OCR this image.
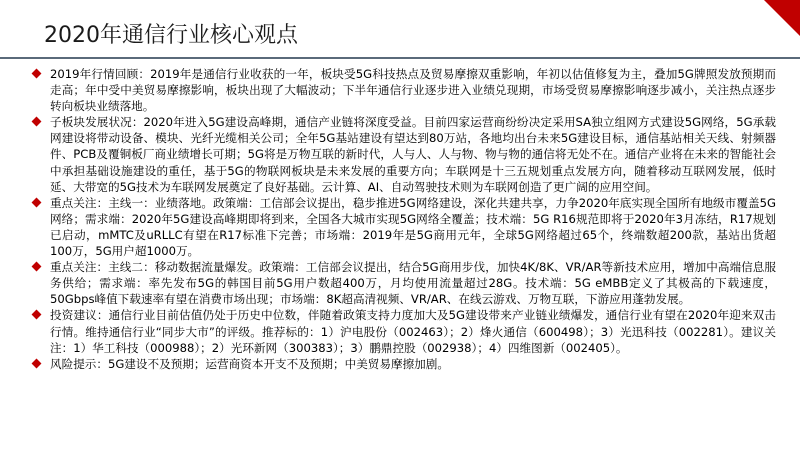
2020年通信行业核心观点
2019年行情回顾：2019年是通信行业收获的一年，板块受5G科技热点及贸易摩擦双重影响，年初以估值修复为主，叠加5G牌照发放预期而走高；年中受中美贸易摩擦影响，板块出现了大幅波动；下半年通信行业逐步进入业绩兑现期，市场受贸易摩擦影响逐步减小，关注热点逐步转向板块业绩落地。
子板块发展状况：2020年进入5G建设高峰期，通信产业链将深度受益。目前四家运营商纷纷决定采用SA独立组网方式建设5G网络，5G承载网建设将带动设备、模块、光纤光缆相关公司；全年5G基站建设有望达到80万站，各地均出台未来5G建设目标，通信基站相关天线、射频器件、PCB及覆铜板厂商业绩增长可期；5G将是万物互联的新时代，人与人、人与物、物与物的通信将无处不在。通信产业将在未来的智能社会中承担基础设施建设的重任，基于5G的物联网板块是未来发展的重要方向；车联网是十三五规划重点发展方向，随着移动互联网发展，低时延、大带宽的5G技术为车联网发展奠定了良好基础。云计算、AI、自动驾驶技术则为车联网创造了更广阔的应用空间。
重点关注：主线一：业绩落地。政策端：工信部会议提出，稳步推进5G网络建设，深化共建共享，力争2020年底实现全国所有地级市覆盖5G网络；需求端：2020年5G建设高峰期即将到来，全国各大城市实现5G网络全覆盖；技术端：5G R16规范即将于2020年3月冻结，R17规划已启动，mMTC及uRLLC有望在R17标准下完善；市场端：2019年是5G商用元年，全球5G网络超过65个，终端数超200款，基站出货超100万，5G用户超1000万。
重点关注：主线二：移动数据流量爆发。政策端：工信部会议提出，结合5G商用步伐，加快4K/8K、VR/AR等新技术应用，增加中高端信息服务供给；需求端：率先发布5G的韩国目前5G用户数超400万，月均使用流量超过28G。技术端：5G eMBB定义了其极高的下载速度，50Gbps峰值下载速率有望在消费市场出现；市场端：8K超高清视频、VR/AR、在线云游戏、万物互联，下游应用蓬勃发展。
投资建议：通信行业目前估值仍处于历史中位数，伴随着政策支持力度加大及5G建设带来产业链业绩爆发，通信行业有望在2020年迎来双击行情。维持通信行业“同步大市”的评级。推荐标的：1）沪电股份（002463）；2）烽火通信（600498）；3）光迅科技（002281）。建议关注：1）华工科技（000988）；2）光环新网（300383）；3）鹏鼎控股（002938）；4）四维图新（002405）。
风险提示：5G建设不及预期；运营商资本开支不及预期；中美贸易摩擦加剧。
